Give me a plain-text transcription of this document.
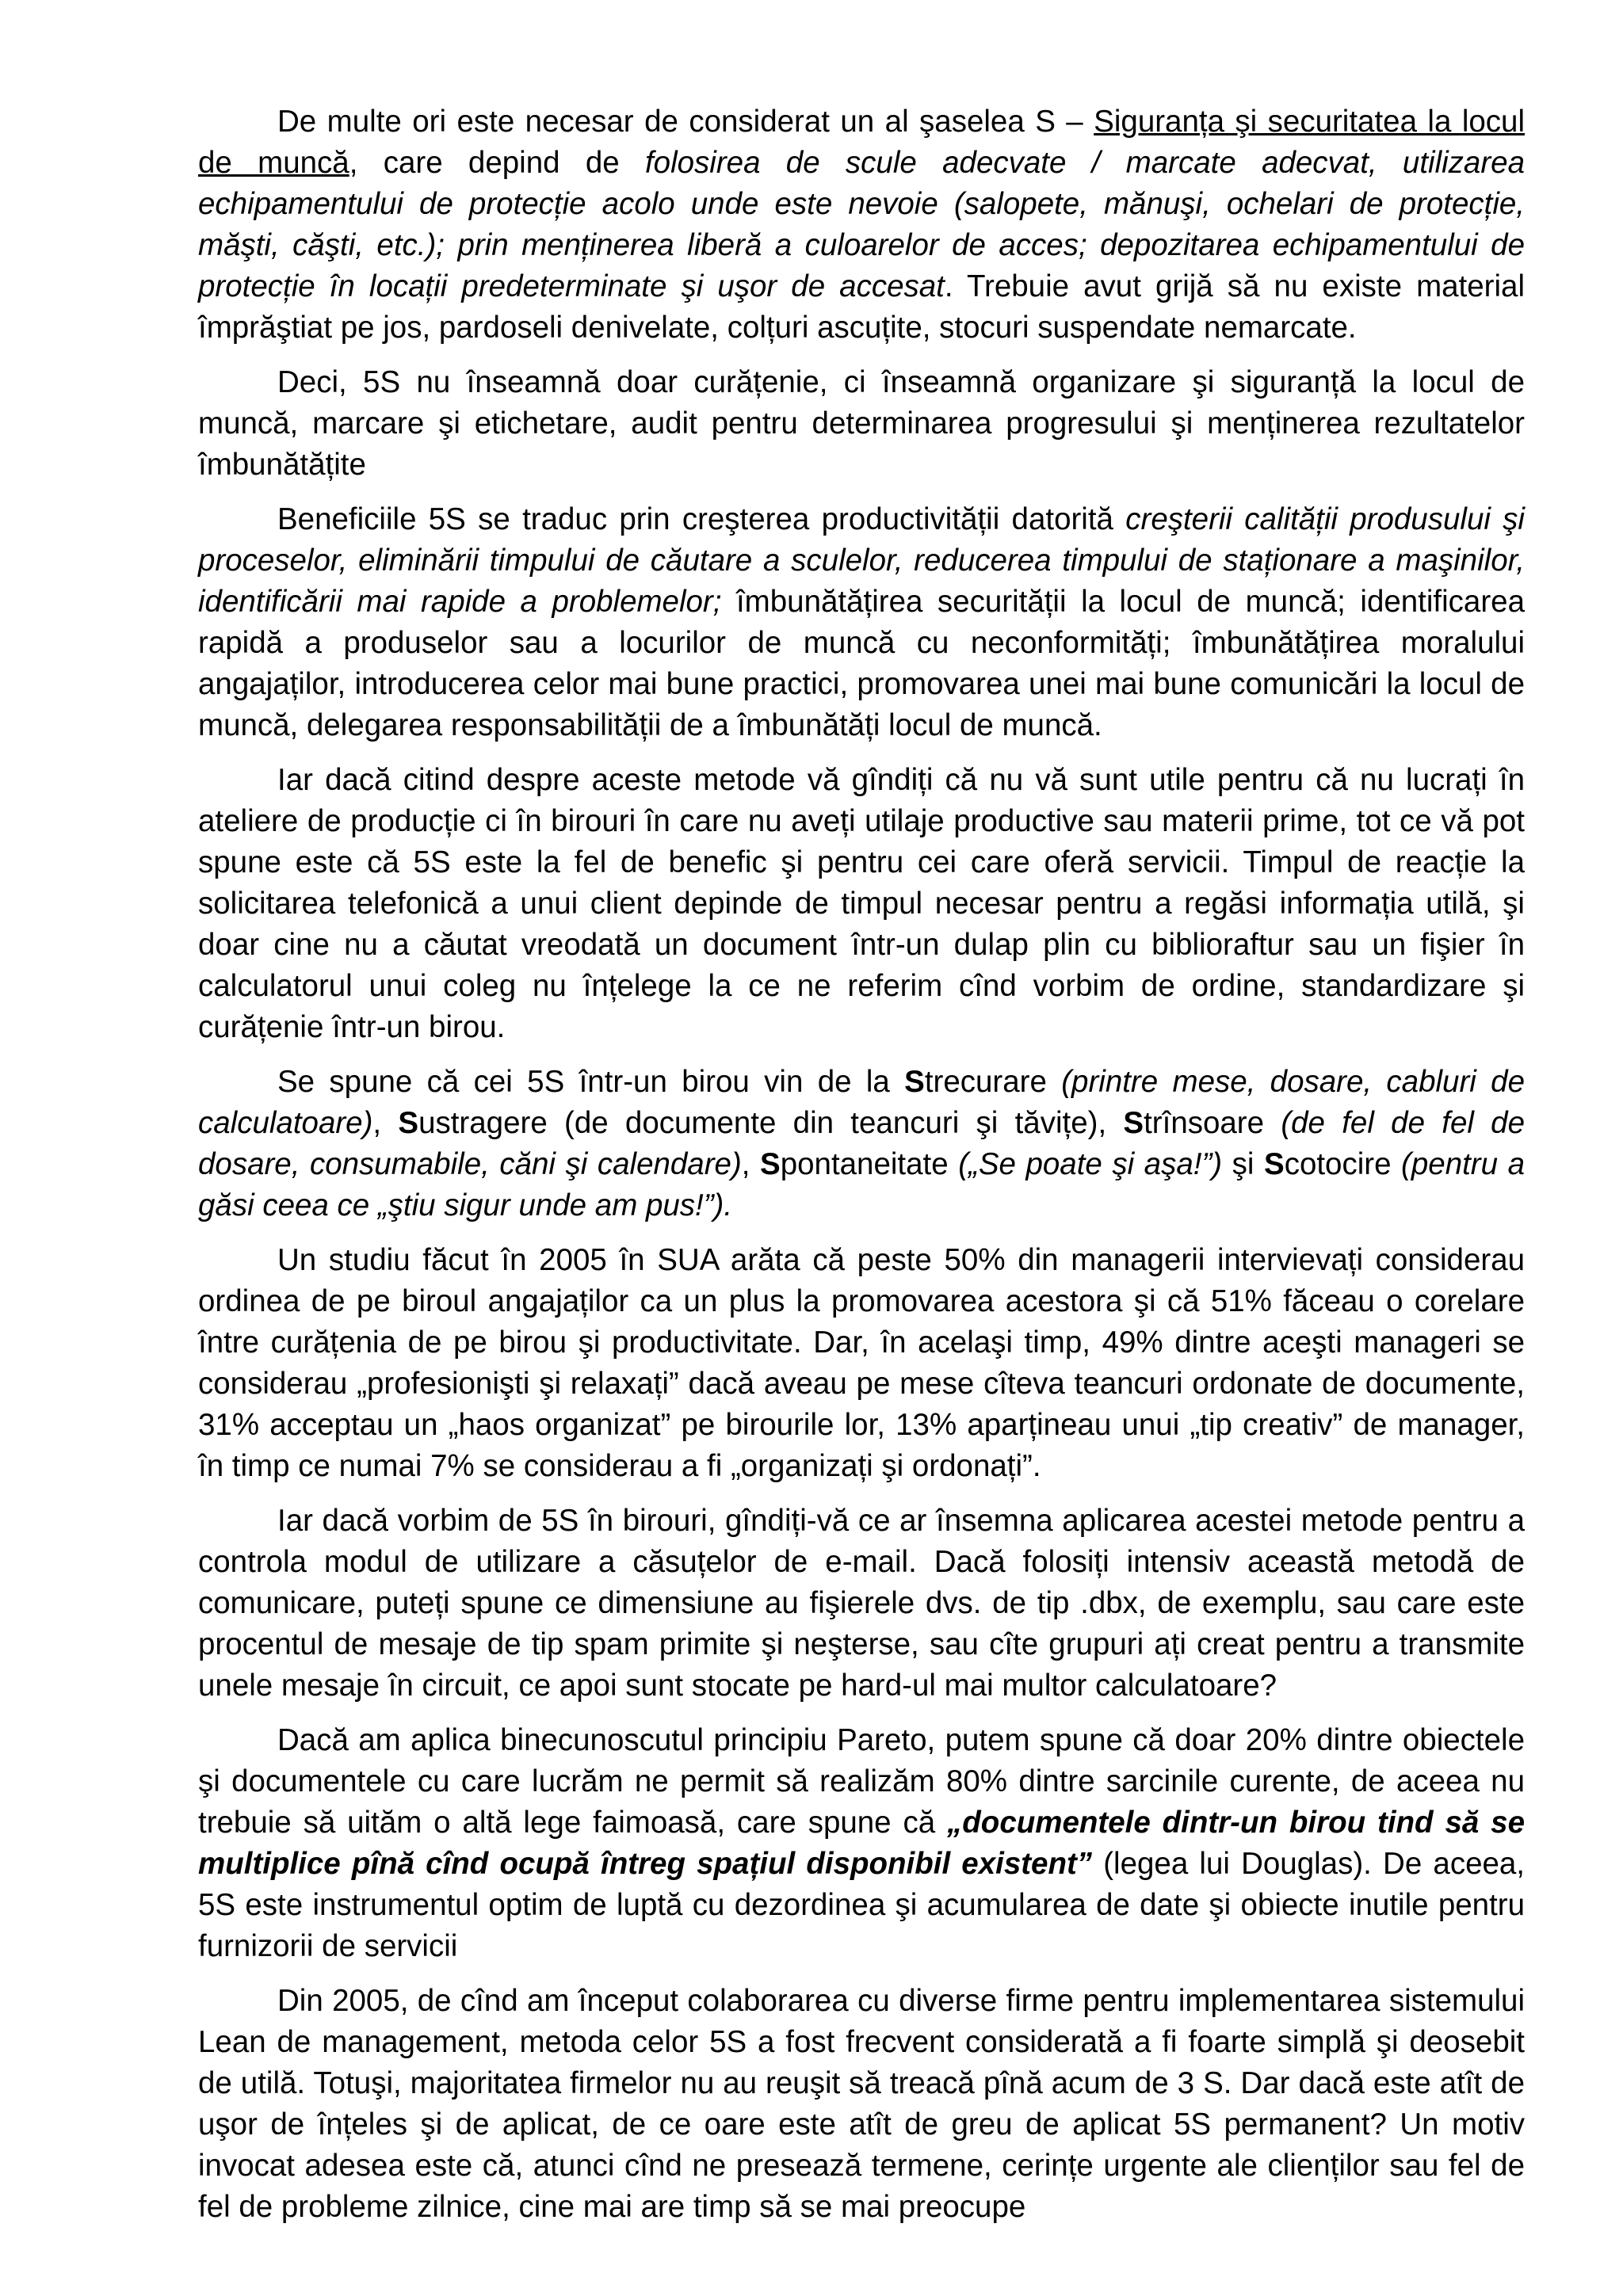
De multe ori este necesar de considerat un al şaselea S – Siguranța şi securitatea la locul de muncă, care depind de folosirea de scule adecvate / marcate adecvat, utilizarea echipamentului de protecție acolo unde este nevoie (salopete, mănuşi, ochelari de protecție, măşti, căşti, etc.); prin menținerea liberă a culoarelor de acces; depozitarea echipamentului de protecție în locații predeterminate şi uşor de accesat. Trebuie avut grijă să nu existe material împrăştiat pe jos, pardoseli denivelate, colțuri ascuțite, stocuri suspendate nemarcate.

Deci, 5S nu înseamnă doar curățenie, ci înseamnă organizare şi siguranță la locul de muncă, marcare şi etichetare, audit pentru determinarea progresului şi menținerea rezultatelor îmbunătățite

Beneficiile 5S se traduc prin creşterea productivității datorită creşterii calității produsului şi proceselor, eliminării timpului de căutare a sculelor, reducerea timpului de staționare a maşinilor, identificării mai rapide a problemelor; îmbunătățirea securității la locul de muncă; identificarea rapidă a produselor sau a locurilor de muncă cu neconformități; îmbunătățirea moralului angajaților, introducerea celor mai bune practici, promovarea unei mai bune comunicări la locul de muncă, delegarea responsabilității de a îmbunătăți locul de muncă.

Iar dacă citind despre aceste metode vă gîndiți că nu vă sunt utile pentru că nu lucrați în ateliere de producție ci în birouri în care nu aveți utilaje productive sau materii prime, tot ce vă pot spune este că 5S este la fel de benefic şi pentru cei care oferă servicii. Timpul de reacție la solicitarea telefonică a unui client depinde de timpul necesar pentru a regăsi informația utilă, şi doar cine nu a căutat vreodată un document într-un dulap plin cu biblioraftur sau un fişier în calculatorul unui coleg nu înțelege la ce ne referim cînd vorbim de ordine, standardizare şi curățenie într-un birou.

Se spune că cei 5S într-un birou vin de la Strecurare (printre mese, dosare, cabluri de calculatoare), Sustragere (de documente din teancuri şi tăvițe), Strînsoare (de fel de fel de dosare, consumabile, căni şi calendare), Spontaneitate („Se poate şi aşa!”) şi Scotocire (pentru a găsi ceea ce „ştiu sigur unde am pus!”).

Un studiu făcut în 2005 în SUA arăta că peste 50% din managerii intervievați considerau ordinea de pe biroul angajaților ca un plus la promovarea acestora şi că 51% făceau o corelare între curățenia de pe birou şi productivitate. Dar, în acelaşi timp, 49% dintre aceşti manageri se considerau „profesionişti şi relaxați” dacă aveau pe mese cîteva teancuri ordonate de documente, 31% acceptau un „haos organizat” pe birourile lor, 13% aparțineau unui „tip creativ” de manager, în timp ce numai 7% se considerau a fi „organizați şi ordonați”.

Iar dacă vorbim de 5S în birouri, gîndiți-vă ce ar însemna aplicarea acestei metode pentru a controla modul de utilizare a căsuțelor de e-mail. Dacă folosiți intensiv această metodă de comunicare, puteți spune ce dimensiune au fişierele dvs. de tip .dbx, de exemplu, sau care este procentul de mesaje de tip spam primite şi neşterse, sau cîte grupuri ați creat pentru a transmite unele mesaje în circuit, ce apoi sunt stocate pe hard-ul mai multor calculatoare?

Dacă am aplica binecunoscutul principiu Pareto, putem spune că doar 20% dintre obiectele şi documentele cu care lucrăm ne permit să realizăm 80% dintre sarcinile curente, de aceea nu trebuie să uităm o altă lege faimoasă, care spune că „documentele dintr-un birou tind să se multiplice pînă cînd ocupă întreg spațiul disponibil existent” (legea lui Douglas). De aceea, 5S este instrumentul optim de luptă cu dezordinea şi acumularea de date şi obiecte inutile pentru furnizorii de servicii

Din 2005, de cînd am început colaborarea cu diverse firme pentru implementarea sistemului Lean de management, metoda celor 5S a fost frecvent considerată a fi foarte simplă şi deosebit de utilă. Totuşi, majoritatea firmelor nu au reuşit să treacă pînă acum de 3 S. Dar dacă este atît de uşor de înțeles şi de aplicat, de ce oare este atît de greu de aplicat 5S permanent? Un motiv invocat adesea este că, atunci cînd ne presează termene, cerințe urgente ale clienților sau fel de fel de probleme zilnice, cine mai are timp să se mai preocupe
